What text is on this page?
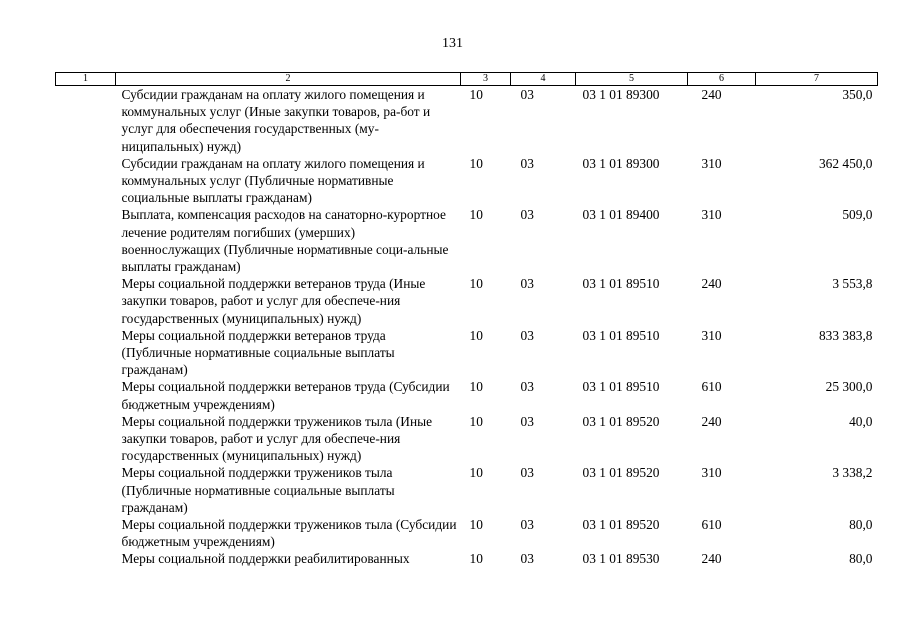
131
1	2	3	4	5	6	7
	Субсидии гражданам на оплату жилого помещения и коммунальных услуг (Иные закупки товаров, ра-​бот и услуг для обеспечения государственных (му-​ниципальных) нужд)	10	03	03 1 01 89300	240	350,0
	Субсидии гражданам на оплату жилого помещения и коммунальных услуг (Публичные нормативные социальные выплаты гражданам)	10	03	03 1 01 89300	310	362 450,0
	Выплата, компенсация расходов на санаторно-​курортное лечение родителям погибших (умерших) военнослужащих (Публичные нормативные соци-​альные выплаты гражданам)	10	03	03 1 01 89400	310	509,0
	Меры социальной поддержки ветеранов труда (Иные закупки товаров, работ и услуг для обеспече-​ния государственных (муниципальных) нужд)	10	03	03 1 01 89510	240	3 553,8
	Меры социальной поддержки ветеранов труда (Публичные нормативные социальные выплаты гражданам)	10	03	03 1 01 89510	310	833 383,8
	Меры социальной поддержки ветеранов труда (Субсидии бюджетным учреждениям)	10	03	03 1 01 89510	610	25 300,0
	Меры социальной поддержки тружеников тыла (Иные закупки товаров, работ и услуг для обеспече-​ния государственных (муниципальных) нужд)	10	03	03 1 01 89520	240	40,0
	Меры социальной поддержки тружеников тыла (Публичные нормативные социальные выплаты гражданам)	10	03	03 1 01 89520	310	3 338,2
	Меры социальной поддержки тружеников тыла (Субсидии бюджетным учреждениям)	10	03	03 1 01 89520	610	80,0
	Меры социальной поддержки реабилитированных	10	03	03 1 01 89530	240	80,0
